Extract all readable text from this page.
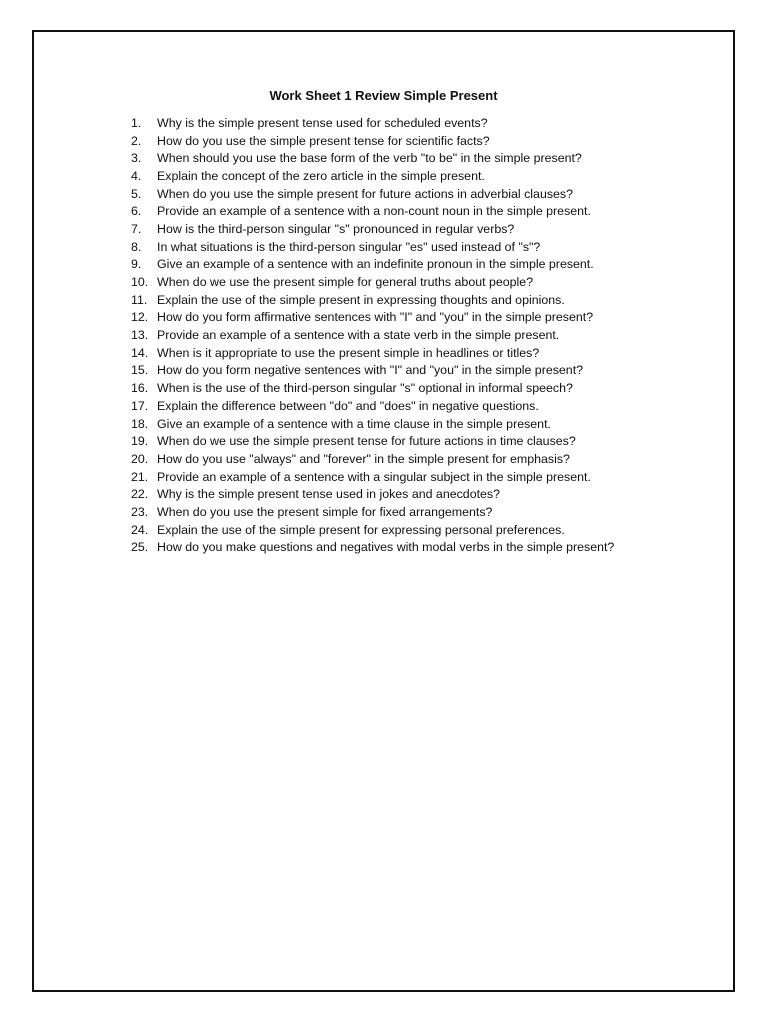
Work Sheet 1 Review Simple Present
1.	Why is the simple present tense used for scheduled events?
2.	How do you use the simple present tense for scientific facts?
3.	When should you use the base form of the verb "to be" in the simple present?
4.	Explain the concept of the zero article in the simple present.
5.	When do you use the simple present for future actions in adverbial clauses?
6.	Provide an example of a sentence with a non-count noun in the simple present.
7.	How is the third-person singular "s" pronounced in regular verbs?
8.	In what situations is the third-person singular "es" used instead of "s"?
9.	Give an example of a sentence with an indefinite pronoun in the simple present.
10. When do we use the present simple for general truths about people?
11. Explain the use of the simple present in expressing thoughts and opinions.
12. How do you form affirmative sentences with "I" and "you" in the simple present?
13. Provide an example of a sentence with a state verb in the simple present.
14. When is it appropriate to use the present simple in headlines or titles?
15. How do you form negative sentences with "I" and "you" in the simple present?
16. When is the use of the third-person singular "s" optional in informal speech?
17. Explain the difference between "do" and "does" in negative questions.
18. Give an example of a sentence with a time clause in the simple present.
19. When do we use the simple present tense for future actions in time clauses?
20. How do you use "always" and "forever" in the simple present for emphasis?
21. Provide an example of a sentence with a singular subject in the simple present.
22. Why is the simple present tense used in jokes and anecdotes?
23. When do you use the present simple for fixed arrangements?
24. Explain the use of the simple present for expressing personal preferences.
25. How do you make questions and negatives with modal verbs in the simple present?
